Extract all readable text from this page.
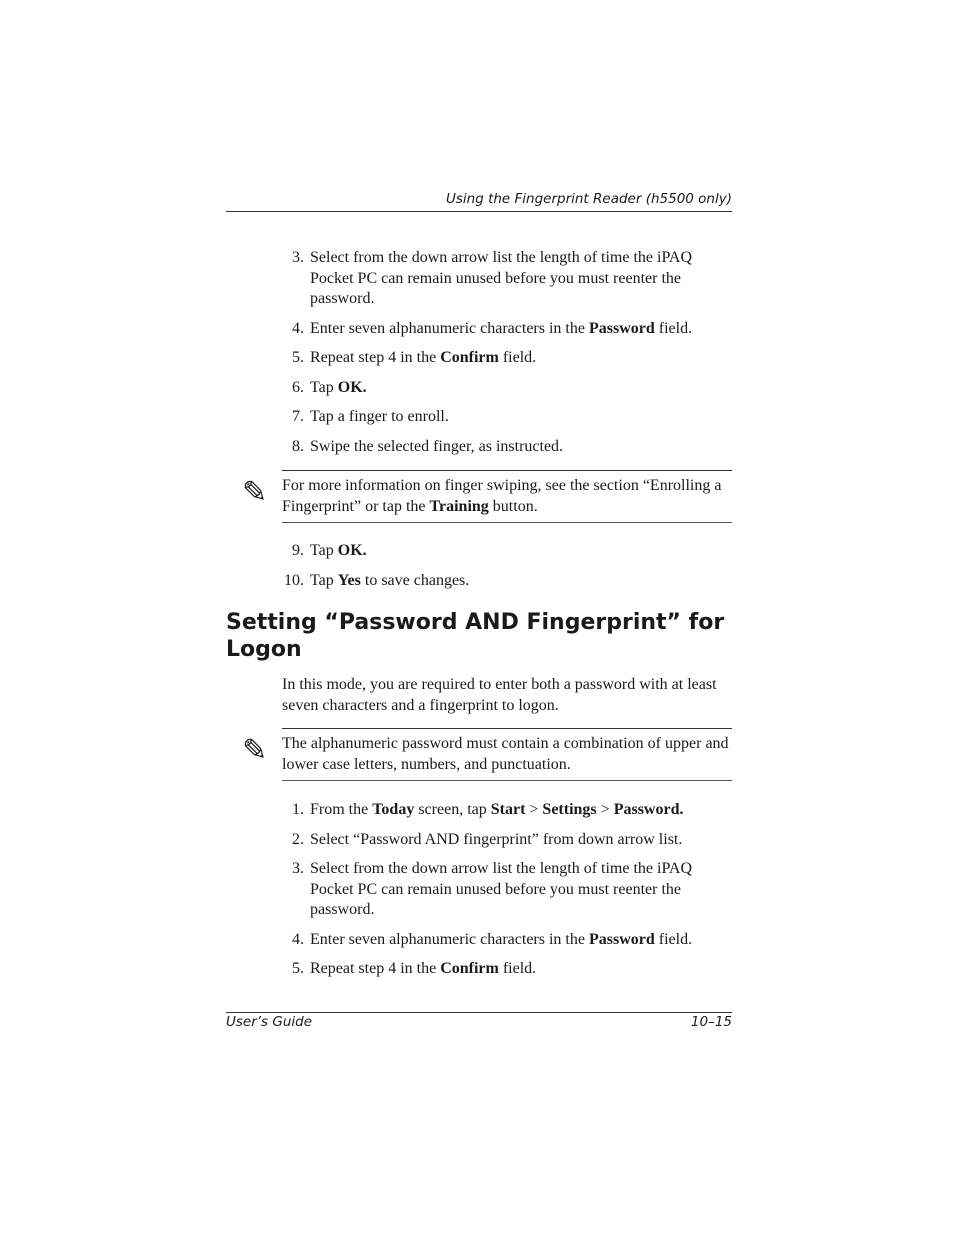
Using the Fingerprint Reader (h5500 only)
3. Select from the down arrow list the length of time the iPAQ Pocket PC can remain unused before you must reenter the password.
4. Enter seven alphanumeric characters in the Password field.
5. Repeat step 4 in the Confirm field.
6. Tap OK.
7. Tap a finger to enroll.
8. Swipe the selected finger, as instructed.
✎ For more information on finger swiping, see the section “Enrolling a Fingerprint” or tap the Training button.
9. Tap OK.
10. Tap Yes to save changes.
Setting “Password AND Fingerprint” for Logon

In this mode, you are required to enter both a password with at least seven characters and a fingerprint to logon.

✎ The alphanumeric password must contain a combination of upper and lower case letters, numbers, and punctuation.
1. From the Today screen, tap Start > Settings > Password.
2. Select “Password AND fingerprint” from down arrow list.
3. Select from the down arrow list the length of time the iPAQ Pocket PC can remain unused before you must reenter the password.
4. Enter seven alphanumeric characters in the Password field.
5. Repeat step 4 in the Confirm field.
User’s Guide	10–15
